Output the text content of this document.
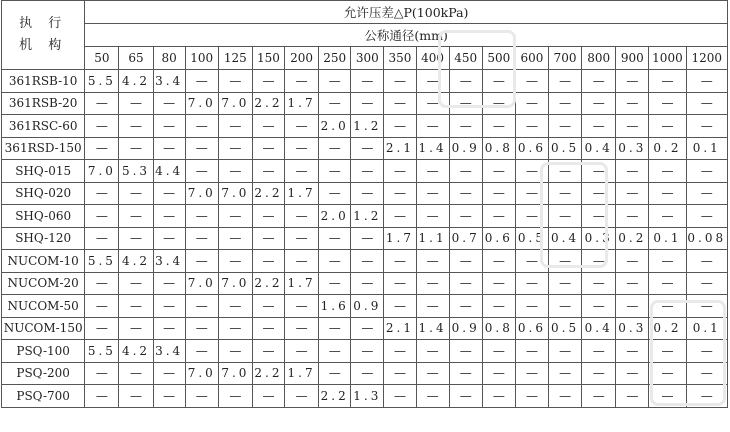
执 行
机 构	允许压差△P(100kPa)																		
	公称通径(mm)																		
	50	65	80	100	125	150	200	250	300	350	400	450	500	600	700	800	900	1000	1200
361RSB-10	5.5	4.2	3.4	—	—	—	—	—	—	—	—	—	—	—	—	—	—	—	—
361RSB-20	—	—	—	7.0	7.0	2.2	1.7	—	—	—	—	—	—	—	—	—	—	—	—
361RSC-60	—	—	—	—	—	—	—	2.0	1.2	—	—	—	—	—	—	—	—	—	—
361RSD-150	—	—	—	—	—	—	—	—	—	2.1	1.4	0.9	0.8	0.6	0.5	0.4	0.3	0.2	0.1
SHQ-015	7.0	5.3	4.4	—	—	—	—	—	—	—	—	—	—	—	—	—	—	—	—
SHQ-020	—	—	—	7.0	7.0	2.2	1.7	—	—	—	—	—	—	—	—	—	—	—	—
SHQ-060	—	—	—	—	—	—	—	2.0	1.2	—	—	—	—	—	—	—	—	—	—
SHQ-120	—	—	—	—	—	—	—	—	—	1.7	1.1	0.7	0.6	0.5	0.4	0.3	0.2	0.1	0.08
NUCOM-10	5.5	4.2	3.4	—	—	—	—	—	—	—	—	—	—	—	—	—	—	—	—
NUCOM-20	—	—	—	7.0	7.0	2.2	1.7	—	—	—	—	—	—	—	—	—	—	—	—
NUCOM-50	—	—	—	—	—	—	—	1.6	0.9	—	—	—	—	—	—	—	—	—	—
NUCOM-150	—	—	—	—	—	—	—	—	—	2.1	1.4	0.9	0.8	0.6	0.5	0.4	0.3	0.2	0.1
PSQ-100	5.5	4.2	3.4	—	—	—	—	—	—	—	—	—	—	—	—	—	—	—	—
PSQ-200	—	—	—	7.0	7.0	2.2	1.7	—	—	—	—	—	—	—	—	—	—	—	—
PSQ-700	—	—	—	—	—	—	—	2.2	1.3	—	—	—	—	—	—	—	—	—	—
